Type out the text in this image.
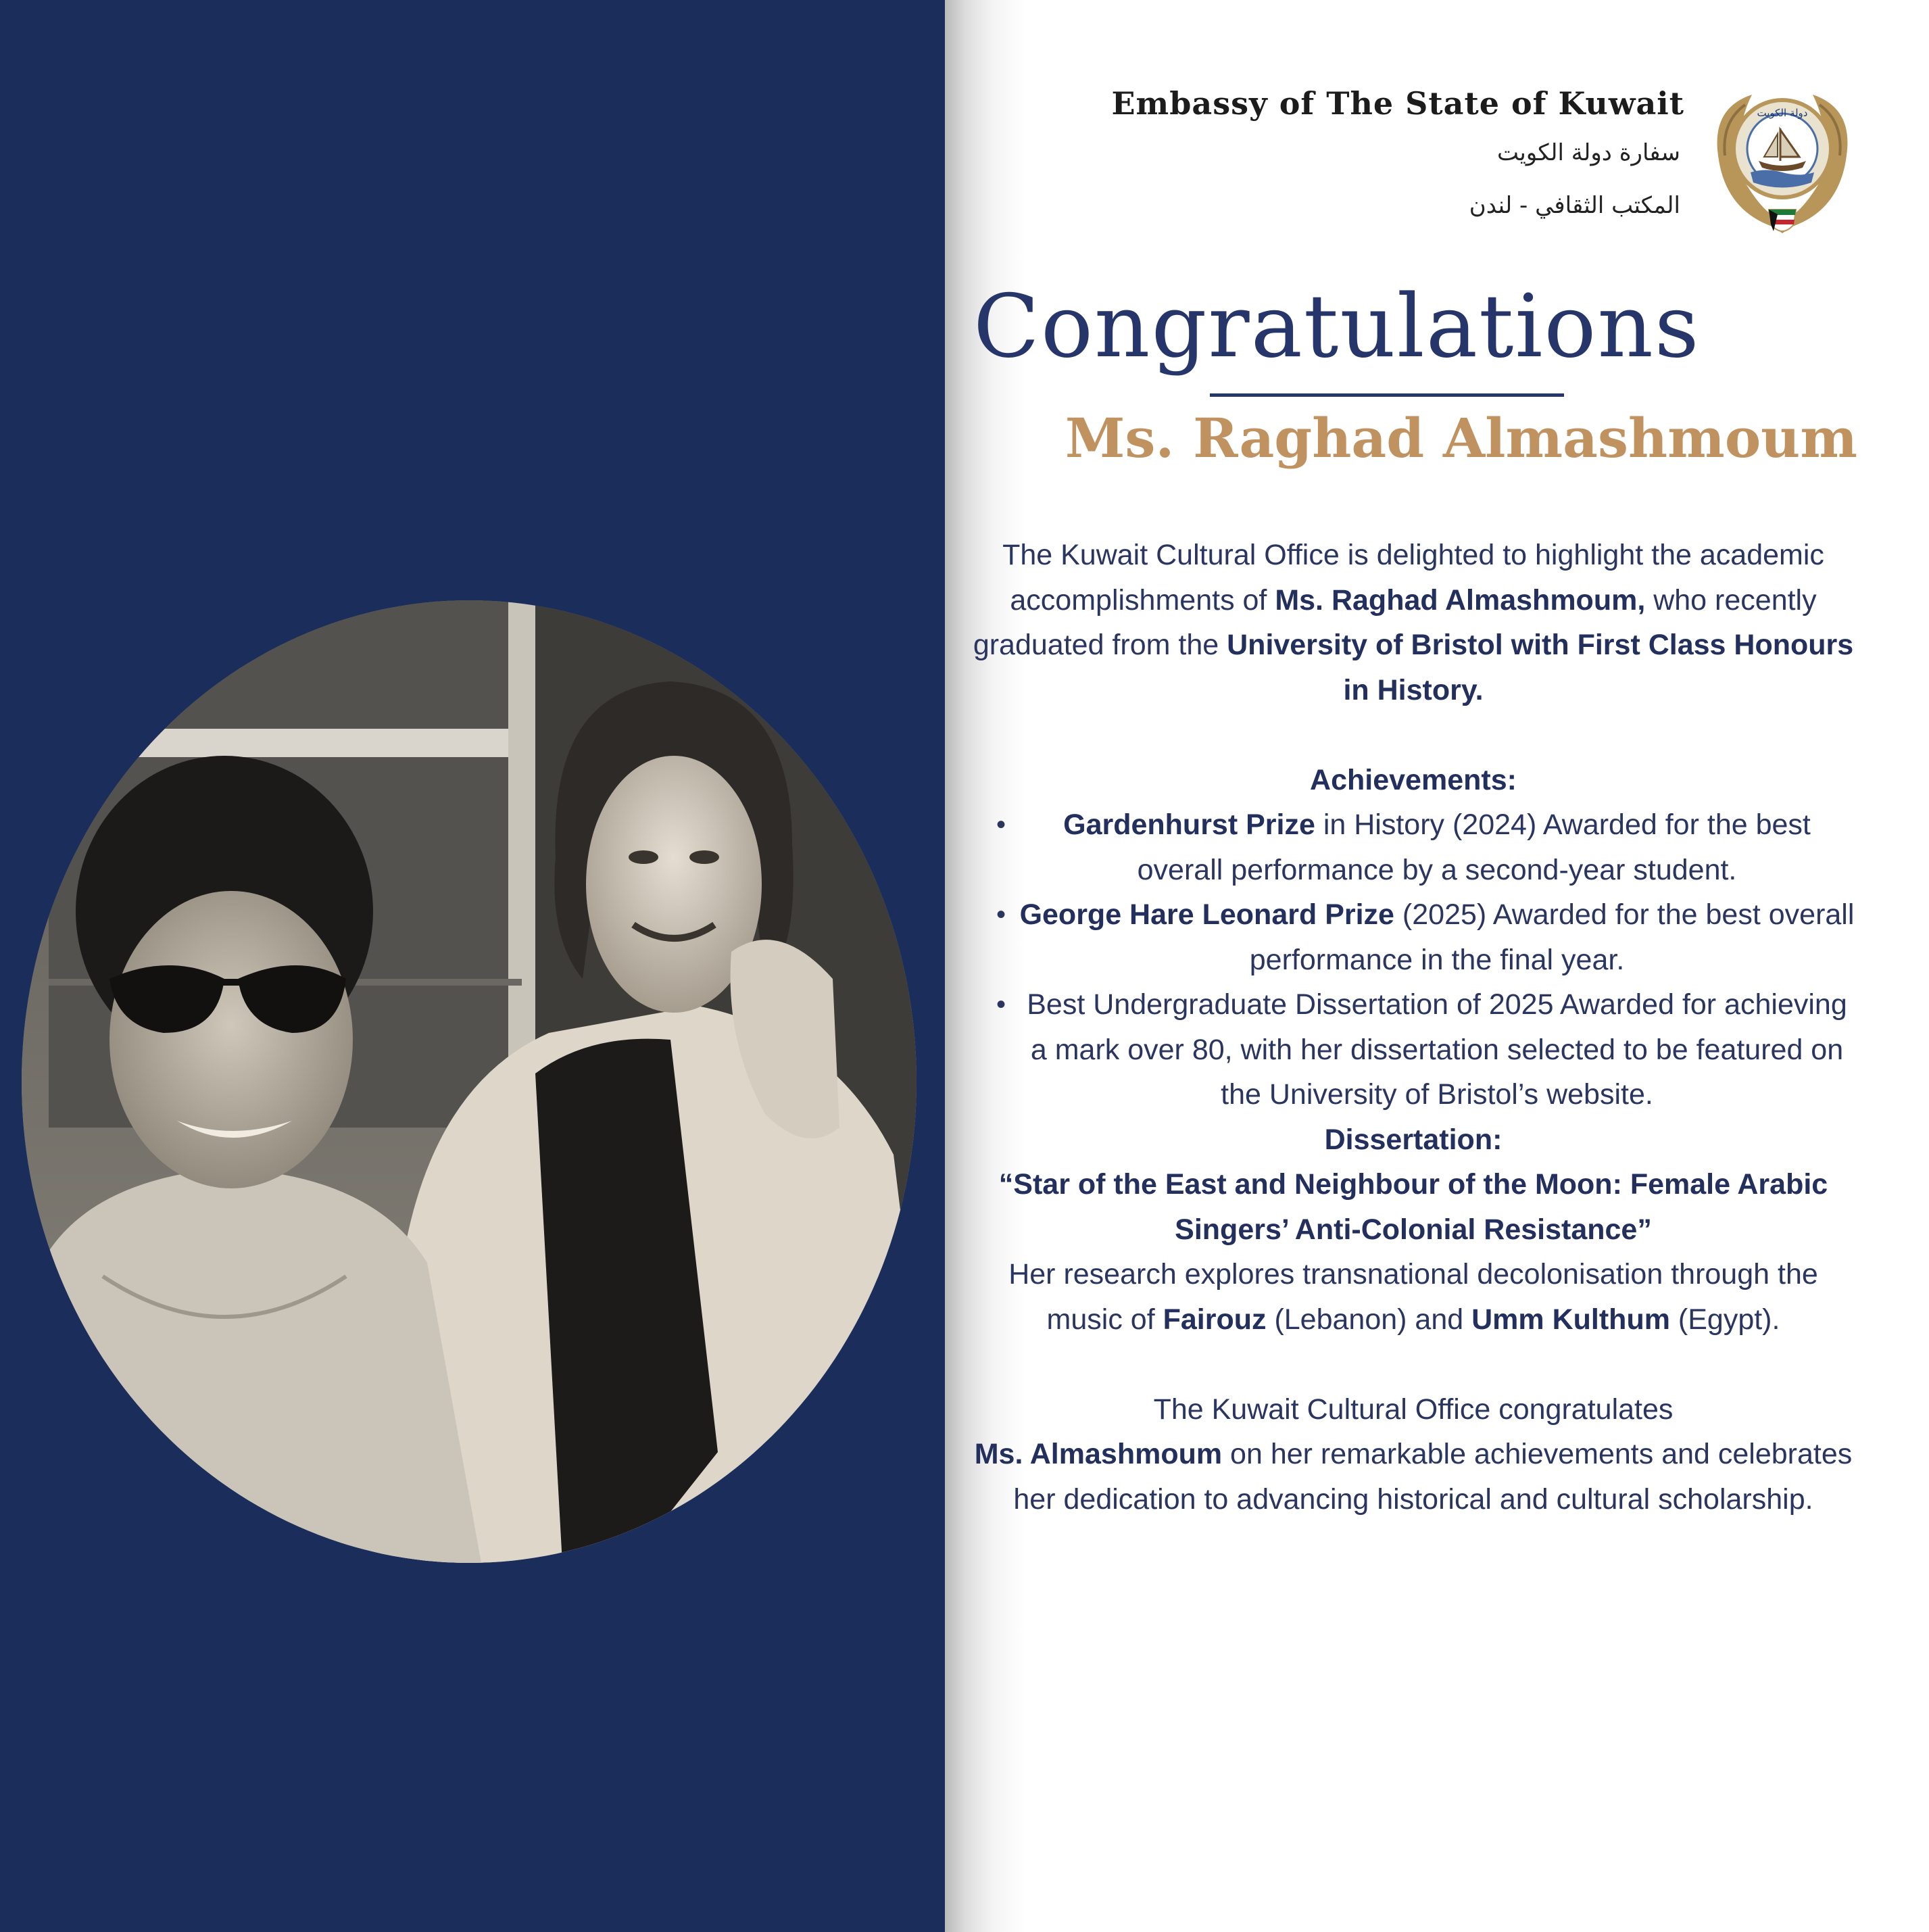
Embassy of The State of Kuwait
سفارة دولة الكويت
المكتب الثقافي - لندن
دولة الكويت
Congratulations
Ms. Raghad Almashmoum

The Kuwait Cultural Office is delighted to highlight the academic accomplishments of Ms. Raghad Almashmoum, who recently graduated from the University of Bristol with First Class Honours in History.

Achievements:

• Gardenhurst Prize in History (2024) Awarded for the best overall performance by a second-year student.
• George Hare Leonard Prize (2025) Awarded for the best overall performance in the final year.
• Best Undergraduate Dissertation of 2025 Awarded for achieving a mark over 80, with her dissertation selected to be featured on the University of Bristol’s website.

Dissertation:

“Star of the East and Neighbour of the Moon: Female Arabic Singers’ Anti-Colonial Resistance”

Her research explores transnational decolonisation through the music of Fairouz (Lebanon) and Umm Kulthum (Egypt).

The Kuwait Cultural Office congratulates

Ms. Almashmoum on her remarkable achievements and celebrates her dedication to advancing historical and cultural scholarship.
